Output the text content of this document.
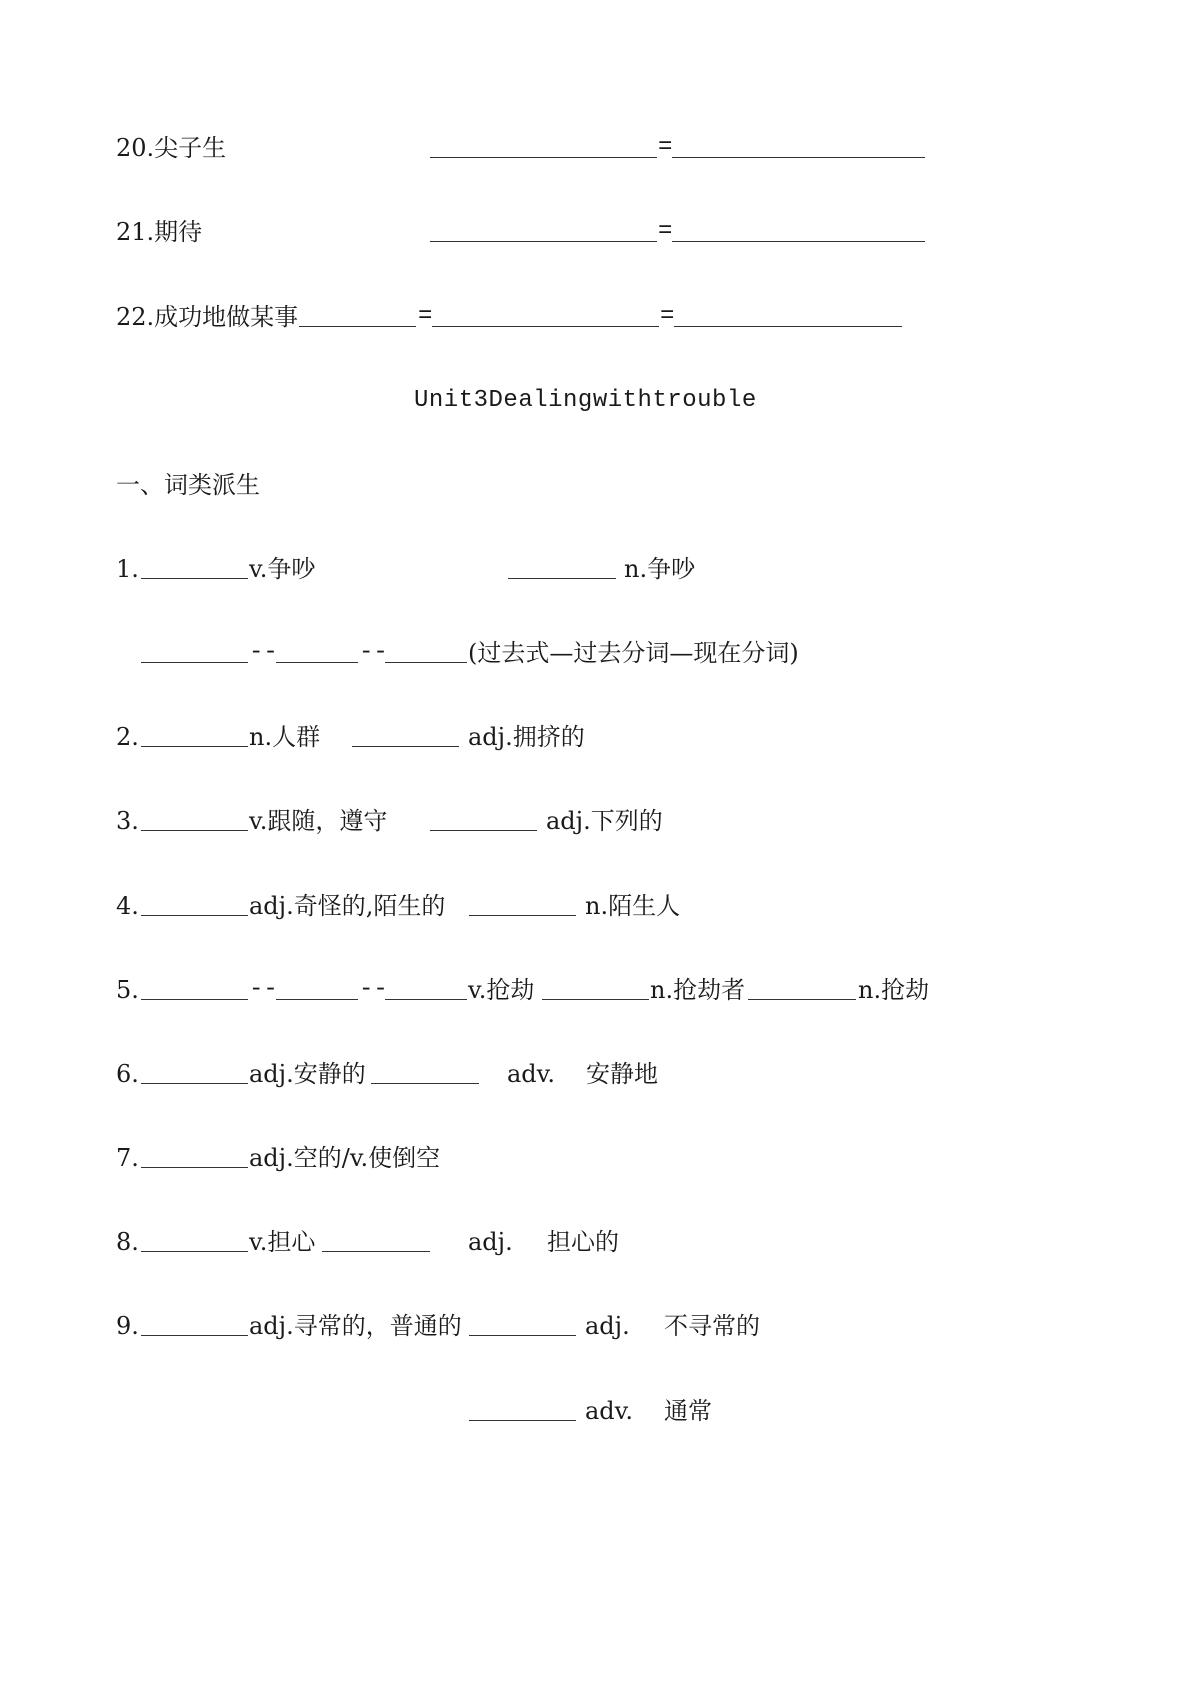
20.尖子生	=
21.期待	=
22.成功地做某事	=	=
Unit3Dealingwithtrouble
一、词类派生
1.	v.争吵	n.争吵
--	--	(过去式—过去分词—现在分词)
2.	n.人群	adj.拥挤的
3.	v.跟随，遵守	adj.下列的
4.	adj.奇怪的,陌生的	n.陌生人
5.	--	--	v.抢劫	n.抢劫者	n.抢劫
6.	adj.安静的	adv. 安静地
7.	adj.空的/v.使倒空
8.	v.担心	adj. 担心的
9.	adj.寻常的，普通的	adj. 不寻常的
adv. 通常
